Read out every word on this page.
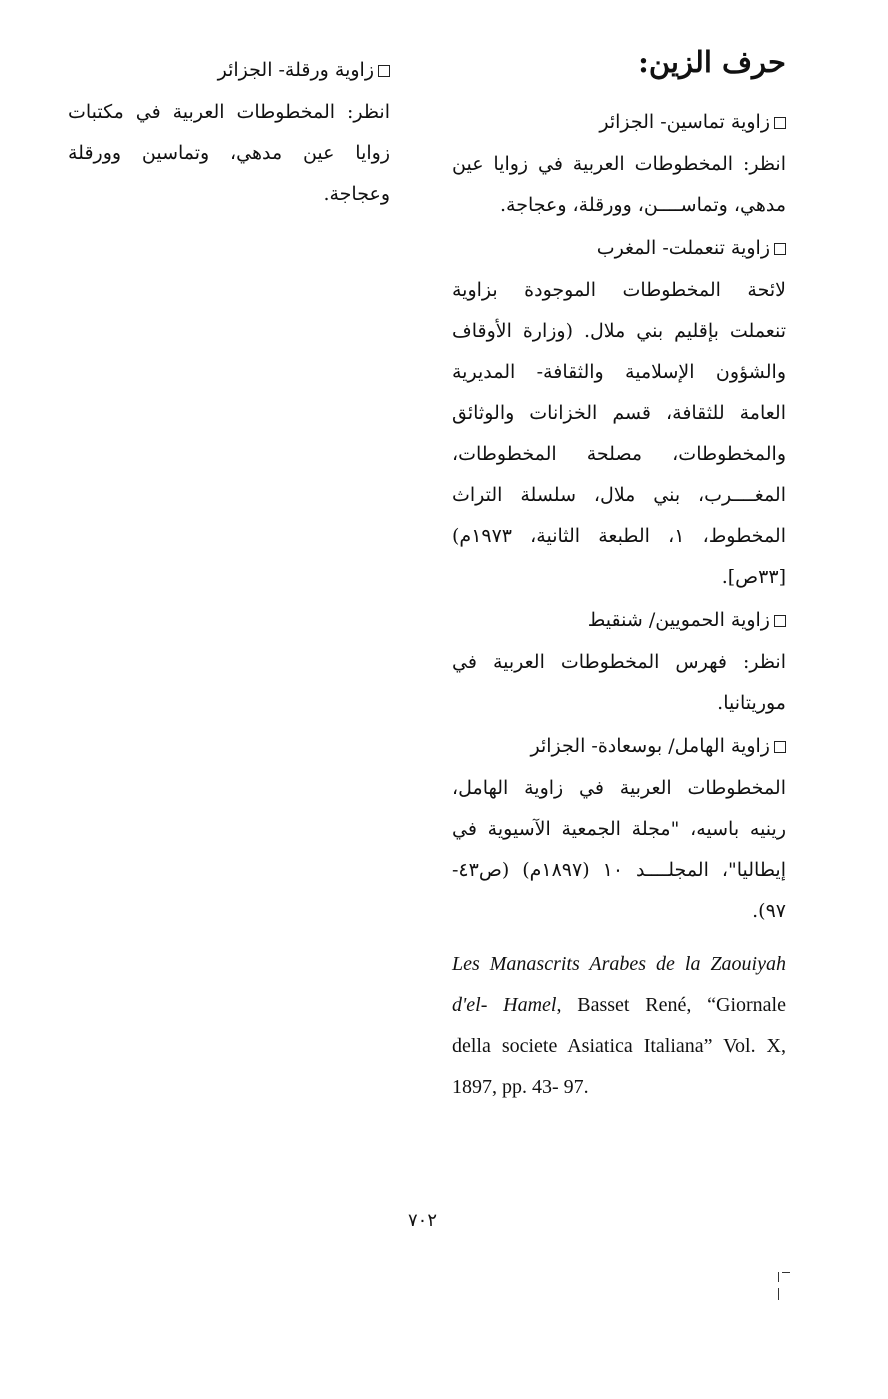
حرف الزين:
زاوية تماسين- الجزائر
انظر: المخطوطات العربية في زوايا عين مدهي، وتماســــن، وورقلة، وعجاجة.
زاوية تنعملت- المغرب
لائحة المخطوطات الموجودة بزاوية تنعملت بإقليم بني ملال. (وزارة الأوقاف والشؤون الإسلامية والثقافة- المديرية العامة للثقافة، قسم الخزانات والوثائق والمخطوطات، مصلحة المخطوطات، المغــــرب، بني ملال، سلسلة التراث المخطوط، ١، الطبعة الثانية، ١٩٧٣م) [٣٣ص].
زاوية الحمويين/ شنقيط
انظر: فهرس المخطوطات العربية في موريتانيا.
زاوية الهامل/ بوسعادة- الجزائر
المخطوطات العربية في زاوية الهامل، رينيه باسيه، "مجلة الجمعية الآسيوية في إيطاليا"، المجلــــد ١٠ (١٨٩٧م) (ص٤٣- ٩٧).
Les Manascrits Arabes de la Zaouiyah d'el- Hamel, Basset René, “Giornale della societe Asiatica Italiana” Vol. X, 1897, pp. 43- 97.
زاوية ورقلة- الجزائر
انظر: المخطوطات العربية في مكتبات زوايا عين مدهي، وتماسين وورقلة وعجاجة.
٧٠٢
